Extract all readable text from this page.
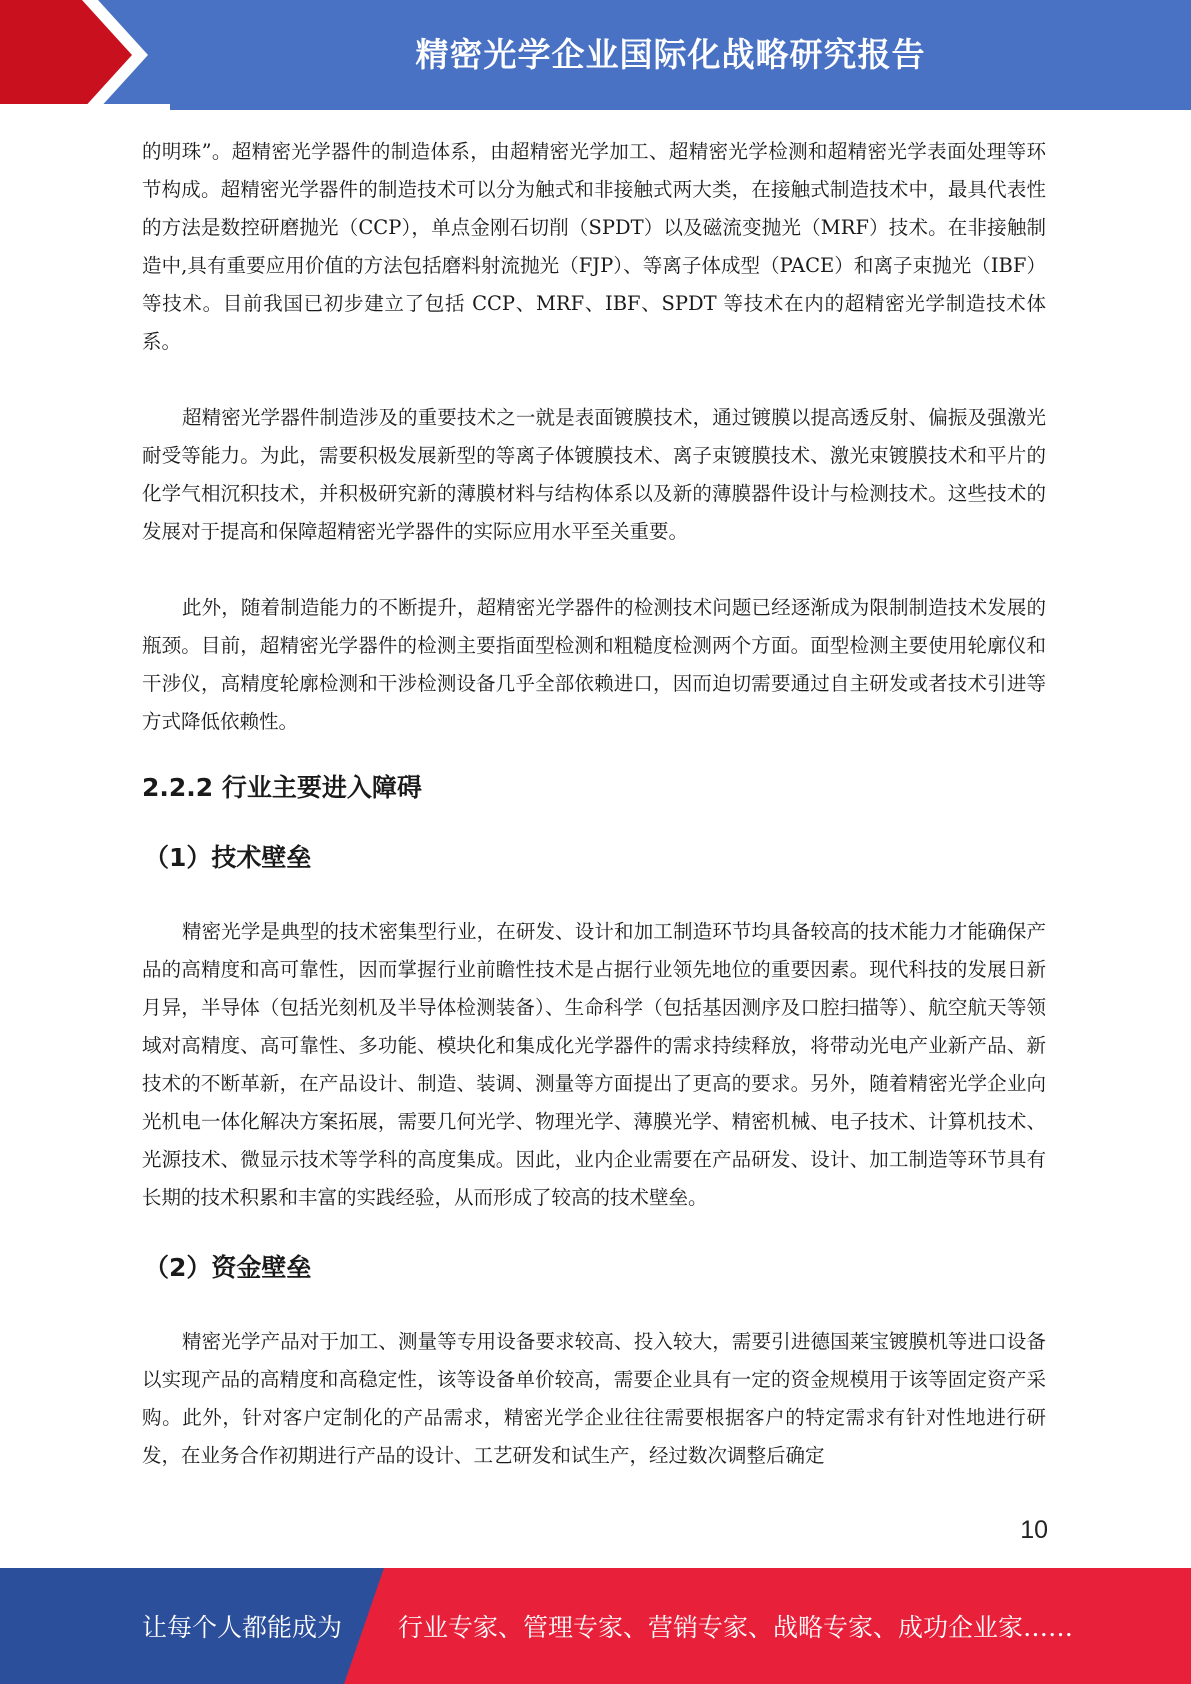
精密光学企业国际化战略研究报告

的明珠”。超精密光学器件的制造体系，由超精密光学加工、超精密光学检测和超精密光学表面处理等环节构成。超精密光学器件的制造技术可以分为触式和非接触式两大类，在接触式制造技术中，最具代表性的方法是数控研磨抛光（CCP），单点金刚石切削（SPDT）以及磁流变抛光（MRF）技术。在非接触制造中,具有重要应用价值的方法包括磨料射流抛光（FJP）、等离子体成型（PACE）和离子束抛光（IBF）等技术。目前我国已初步建立了包括 CCP、MRF、IBF、SPDT 等技术在内的超精密光学制造技术体系。

超精密光学器件制造涉及的重要技术之一就是表面镀膜技术，通过镀膜以提高透反射、偏振及强激光耐受等能力。为此，需要积极发展新型的等离子体镀膜技术、离子束镀膜技术、激光束镀膜技术和平片的化学气相沉积技术，并积极研究新的薄膜材料与结构体系以及新的薄膜器件设计与检测技术。这些技术的发展对于提高和保障超精密光学器件的实际应用水平至关重要。

此外，随着制造能力的不断提升，超精密光学器件的检测技术问题已经逐渐成为限制制造技术发展的瓶颈。目前，超精密光学器件的检测主要指面型检测和粗糙度检测两个方面。面型检测主要使用轮廓仪和干涉仪，高精度轮廓检测和干涉检测设备几乎全部依赖进口，因而迫切需要通过自主研发或者技术引进等方式降低依赖性。

2.2.2 行业主要进入障碍
（1）技术壁垒

精密光学是典型的技术密集型行业，在研发、设计和加工制造环节均具备较高的技术能力才能确保产品的高精度和高可靠性，因而掌握行业前瞻性技术是占据行业领先地位的重要因素。现代科技的发展日新月异，半导体（包括光刻机及半导体检测装备）、生命科学（包括基因测序及口腔扫描等）、航空航天等领域对高精度、高可靠性、多功能、模块化和集成化光学器件的需求持续释放，将带动光电产业新产品、新技术的不断革新，在产品设计、制造、装调、测量等方面提出了更高的要求。另外，随着精密光学企业向光机电一体化解决方案拓展，需要几何光学、物理光学、薄膜光学、精密机械、电子技术、计算机技术、光源技术、微显示技术等学科的高度集成。因此，业内企业需要在产品研发、设计、加工制造等环节具有长期的技术积累和丰富的实践经验，从而形成了较高的技术壁垒。

（2）资金壁垒

精密光学产品对于加工、测量等专用设备要求较高、投入较大，需要引进德国莱宝镀膜机等进口设备以实现产品的高精度和高稳定性，该等设备单价较高，需要企业具有一定的资金规模用于该等固定资产采购。此外，针对客户定制化的产品需求，精密光学企业往往需要根据客户的特定需求有针对性地进行研发，在业务合作初期进行产品的设计、工艺研发和试生产，经过数次调整后确定

10
让每个人都能成为 行业专家、管理专家、营销专家、战略专家、成功企业家……
